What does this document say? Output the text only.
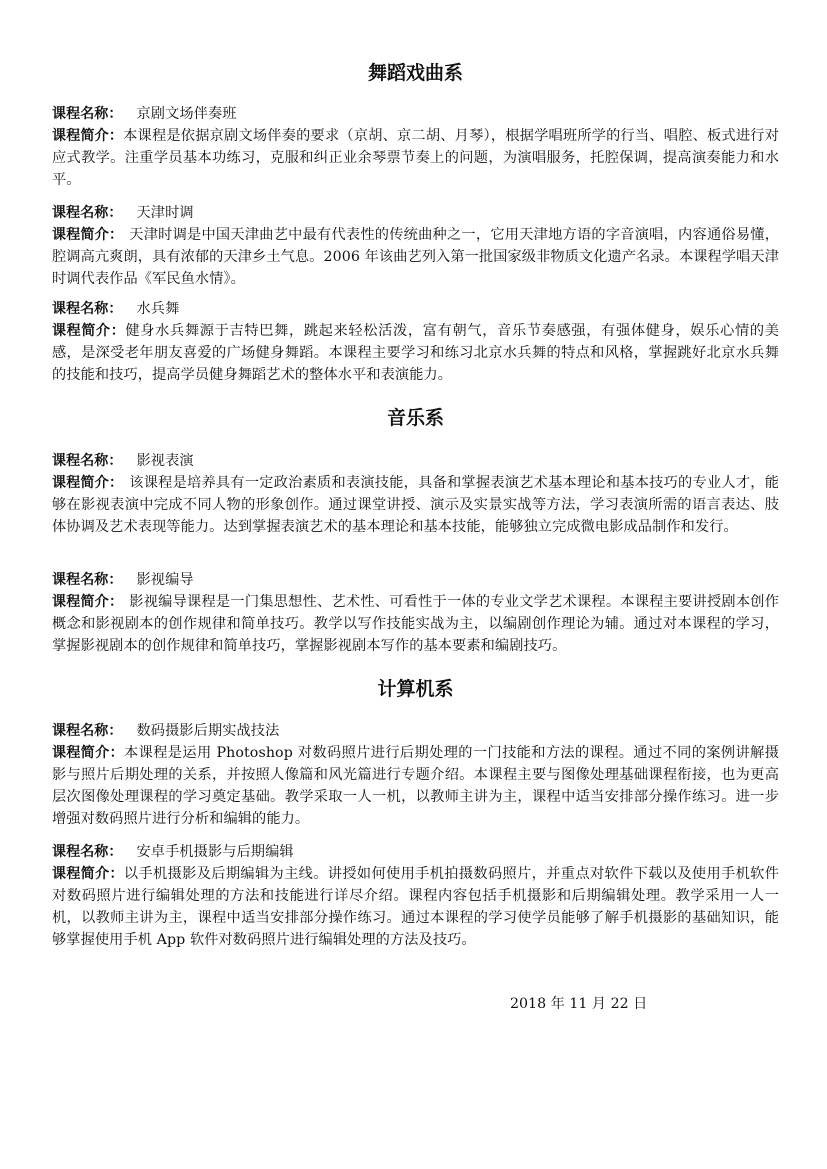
舞蹈戏曲系
课程名称： 京剧文场伴奏班
课程简介：本课程是依据京剧文场伴奏的要求（京胡、京二胡、月琴），根据学唱班所学的行当、唱腔、板式进行对应式教学。注重学员基本功练习，克服和纠正业余琴票节奏上的问题，为演唱服务，托腔保调，提高演奏能力和水平。
课程名称： 天津时调
课程简介： 天津时调是中国天津曲艺中最有代表性的传统曲种之一，它用天津地方语的字音演唱，内容通俗易懂，腔调高亢爽朗，具有浓郁的天津乡土气息。2006 年该曲艺列入第一批国家级非物质文化遗产名录。本课程学唱天津时调代表作品《军民鱼水情》。
课程名称： 水兵舞
课程简介：健身水兵舞源于吉特巴舞，跳起来轻松活泼，富有朝气，音乐节奏感强，有强体健身，娱乐心情的美感，是深受老年朋友喜爱的广场健身舞蹈。本课程主要学习和练习北京水兵舞的特点和风格，掌握跳好北京水兵舞的技能和技巧，提高学员健身舞蹈艺术的整体水平和表演能力。
音乐系
课程名称： 影视表演
课程简介： 该课程是培养具有一定政治素质和表演技能，具备和掌握表演艺术基本理论和基本技巧的专业人才，能够在影视表演中完成不同人物的形象创作。通过课堂讲授、演示及实景实战等方法，学习表演所需的语言表达、肢体协调及艺术表现等能力。达到掌握表演艺术的基本理论和基本技能，能够独立完成微电影成品制作和发行。
课程名称： 影视编导
课程简介： 影视编导课程是一门集思想性、艺术性、可看性于一体的专业文学艺术课程。本课程主要讲授剧本创作概念和影视剧本的创作规律和简单技巧。教学以写作技能实战为主，以编剧创作理论为辅。通过对本课程的学习，掌握影视剧本的创作规律和简单技巧，掌握影视剧本写作的基本要素和编剧技巧。
计算机系
课程名称： 数码摄影后期实战技法
课程简介：本课程是运用 Photoshop 对数码照片进行后期处理的一门技能和方法的课程。通过不同的案例讲解摄影与照片后期处理的关系，并按照人像篇和风光篇进行专题介绍。本课程主要与图像处理基础课程衔接，也为更高层次图像处理课程的学习奠定基础。教学采取一人一机，以教师主讲为主，课程中适当安排部分操作练习。进一步增强对数码照片进行分析和编辑的能力。
课程名称： 安卓手机摄影与后期编辑
课程简介：以手机摄影及后期编辑为主线。讲授如何使用手机拍摄数码照片，并重点对软件下载以及使用手机软件对数码照片进行编辑处理的方法和技能进行详尽介绍。课程内容包括手机摄影和后期编辑处理。教学采用一人一机，以教师主讲为主，课程中适当安排部分操作练习。通过本课程的学习使学员能够了解手机摄影的基础知识，能够掌握使用手机 App 软件对数码照片进行编辑处理的方法及技巧。
2018 年 11 月 22 日
